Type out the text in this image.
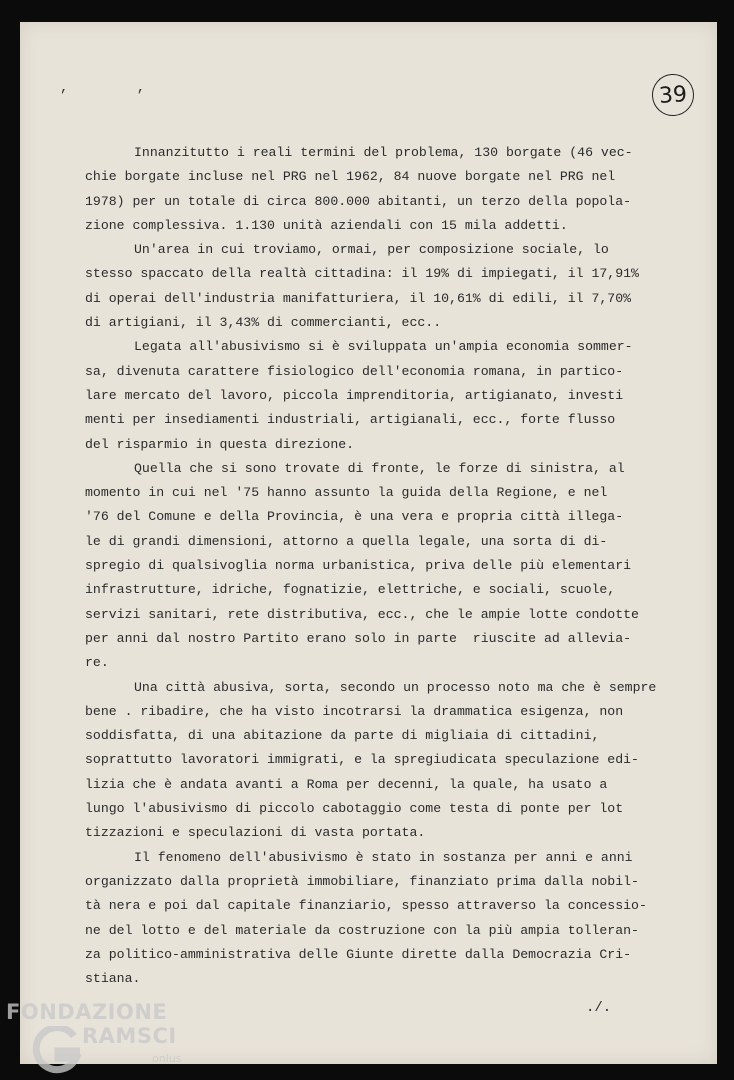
, ,	39
Innanzitutto i reali termini del problema, 130 borgate (46 vec-
chie borgate incluse nel PRG nel 1962, 84 nuove borgate nel PRG nel
1978) per un totale di circa 800.000 abitanti, un terzo della popola-
zione complessiva. 1.130 unità aziendali con 15 mila addetti.
Un'area in cui troviamo, ormai, per composizione sociale, lo
stesso spaccato della realtà cittadina: il 19% di impiegati, il 17,91%
di operai dell'industria manifatturiera, il 10,61% di edili, il 7,70%
di artigiani, il 3,43% di commercianti, ecc..
Legata all'abusivismo si è sviluppata un'ampia economia sommer-
sa, divenuta carattere fisiologico dell'economia romana, in partico-
lare mercato del lavoro, piccola imprenditoria, artigianato, investi
menti per insediamenti industriali, artigianali, ecc., forte flusso
del risparmio in questa direzione.
Quella che si sono trovate di fronte, le forze di sinistra, al
momento in cui nel '75 hanno assunto la guida della Regione, e nel
'76 del Comune e della Provincia, è una vera e propria città illega-
le di grandi dimensioni, attorno a quella legale, una sorta di di-
spregio di qualsivoglia norma urbanistica, priva delle più elementari
infrastrutture, idriche, fognatizie, elettriche, e sociali, scuole,
servizi sanitari, rete distributiva, ecc., che le ampie lotte condotte
per anni dal nostro Partito erano solo in parte  riuscite ad allevia-
re.
Una città abusiva, sorta, secondo un processo noto ma che è sempre
bene . ribadire, che ha visto incotrarsi la drammatica esigenza, non
soddisfatta, di una abitazione da parte di migliaia di cittadini,
soprattutto lavoratori immigrati, e la spregiudicata speculazione edi-
lizia che è andata avanti a Roma per decenni, la quale, ha usato a
lungo l'abusivismo di piccolo cabotaggio come testa di ponte per lot
tizzazioni e speculazioni di vasta portata.
Il fenomeno dell'abusivismo è stato in sostanza per anni e anni
organizzato dalla proprietà immobiliare, finanziato prima dalla nobil-
tà nera e poi dal capitale finanziario, spesso attraverso la concessio-
ne del lotto e del materiale da costruzione con la più ampia tolleran-
za politico-amministrativa delle Giunte dirette dalla Democrazia Cri-
stiana.
./.
FONDAZIONE
RAMSCI
onlus
